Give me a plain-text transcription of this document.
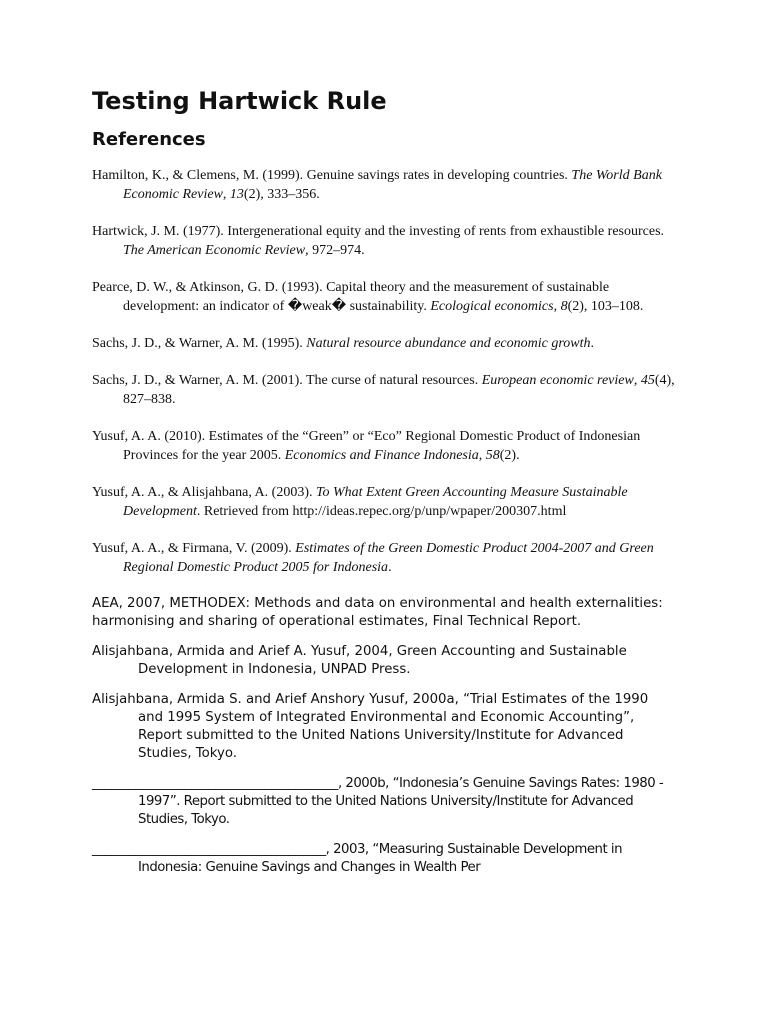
Testing Hartwick Rule
References

Hamilton, K., & Clemens, M. (1999). Genuine savings rates in developing countries. The World Bank Economic Review, 13(2), 333–356.

Hartwick, J. M. (1977). Intergenerational equity and the investing of rents from exhaustible resources. The American Economic Review, 972–974.

Pearce, D. W., & Atkinson, G. D. (1993). Capital theory and the measurement of sustainable development: an indicator of �weak� sustainability. Ecological economics, 8(2), 103–108.

Sachs, J. D., & Warner, A. M. (1995). Natural resource abundance and economic growth.

Sachs, J. D., & Warner, A. M. (2001). The curse of natural resources. European economic review, 45(4), 827–838.

Yusuf, A. A. (2010). Estimates of the “Green” or “Eco” Regional Domestic Product of Indonesian Provinces for the year 2005. Economics and Finance Indonesia, 58(2).

Yusuf, A. A., & Alisjahbana, A. (2003). To What Extent Green Accounting Measure Sustainable Development. Retrieved from http://ideas.repec.org/p/unp/wpaper/200307.html

Yusuf, A. A., & Firmana, V. (2009). Estimates of the Green Domestic Product 2004-2007 and Green Regional Domestic Product 2005 for Indonesia.

AEA, 2007, METHODEX: Methods and data on environmental and health externalities: harmonising and sharing of operational estimates, Final Technical Report.

Alisjahbana, Armida and Arief A. Yusuf, 2004, Green Accounting and Sustainable Development in Indonesia, UNPAD Press.

Alisjahbana, Armida S. and Arief Anshory Yusuf, 2000a, “Trial Estimates of the 1990 and 1995 System of Integrated Environmental and Economic Accounting”, Report submitted to the United Nations University/Institute for Advanced Studies, Tokyo.

________________________________________, 2000b, “Indonesia’s Genuine Savings Rates: 1980 - 1997”. Report submitted to the United Nations University/Institute for Advanced Studies, Tokyo.

______________________________________, 2003, “Measuring Sustainable Development in Indonesia: Genuine Savings and Changes in Wealth Per
